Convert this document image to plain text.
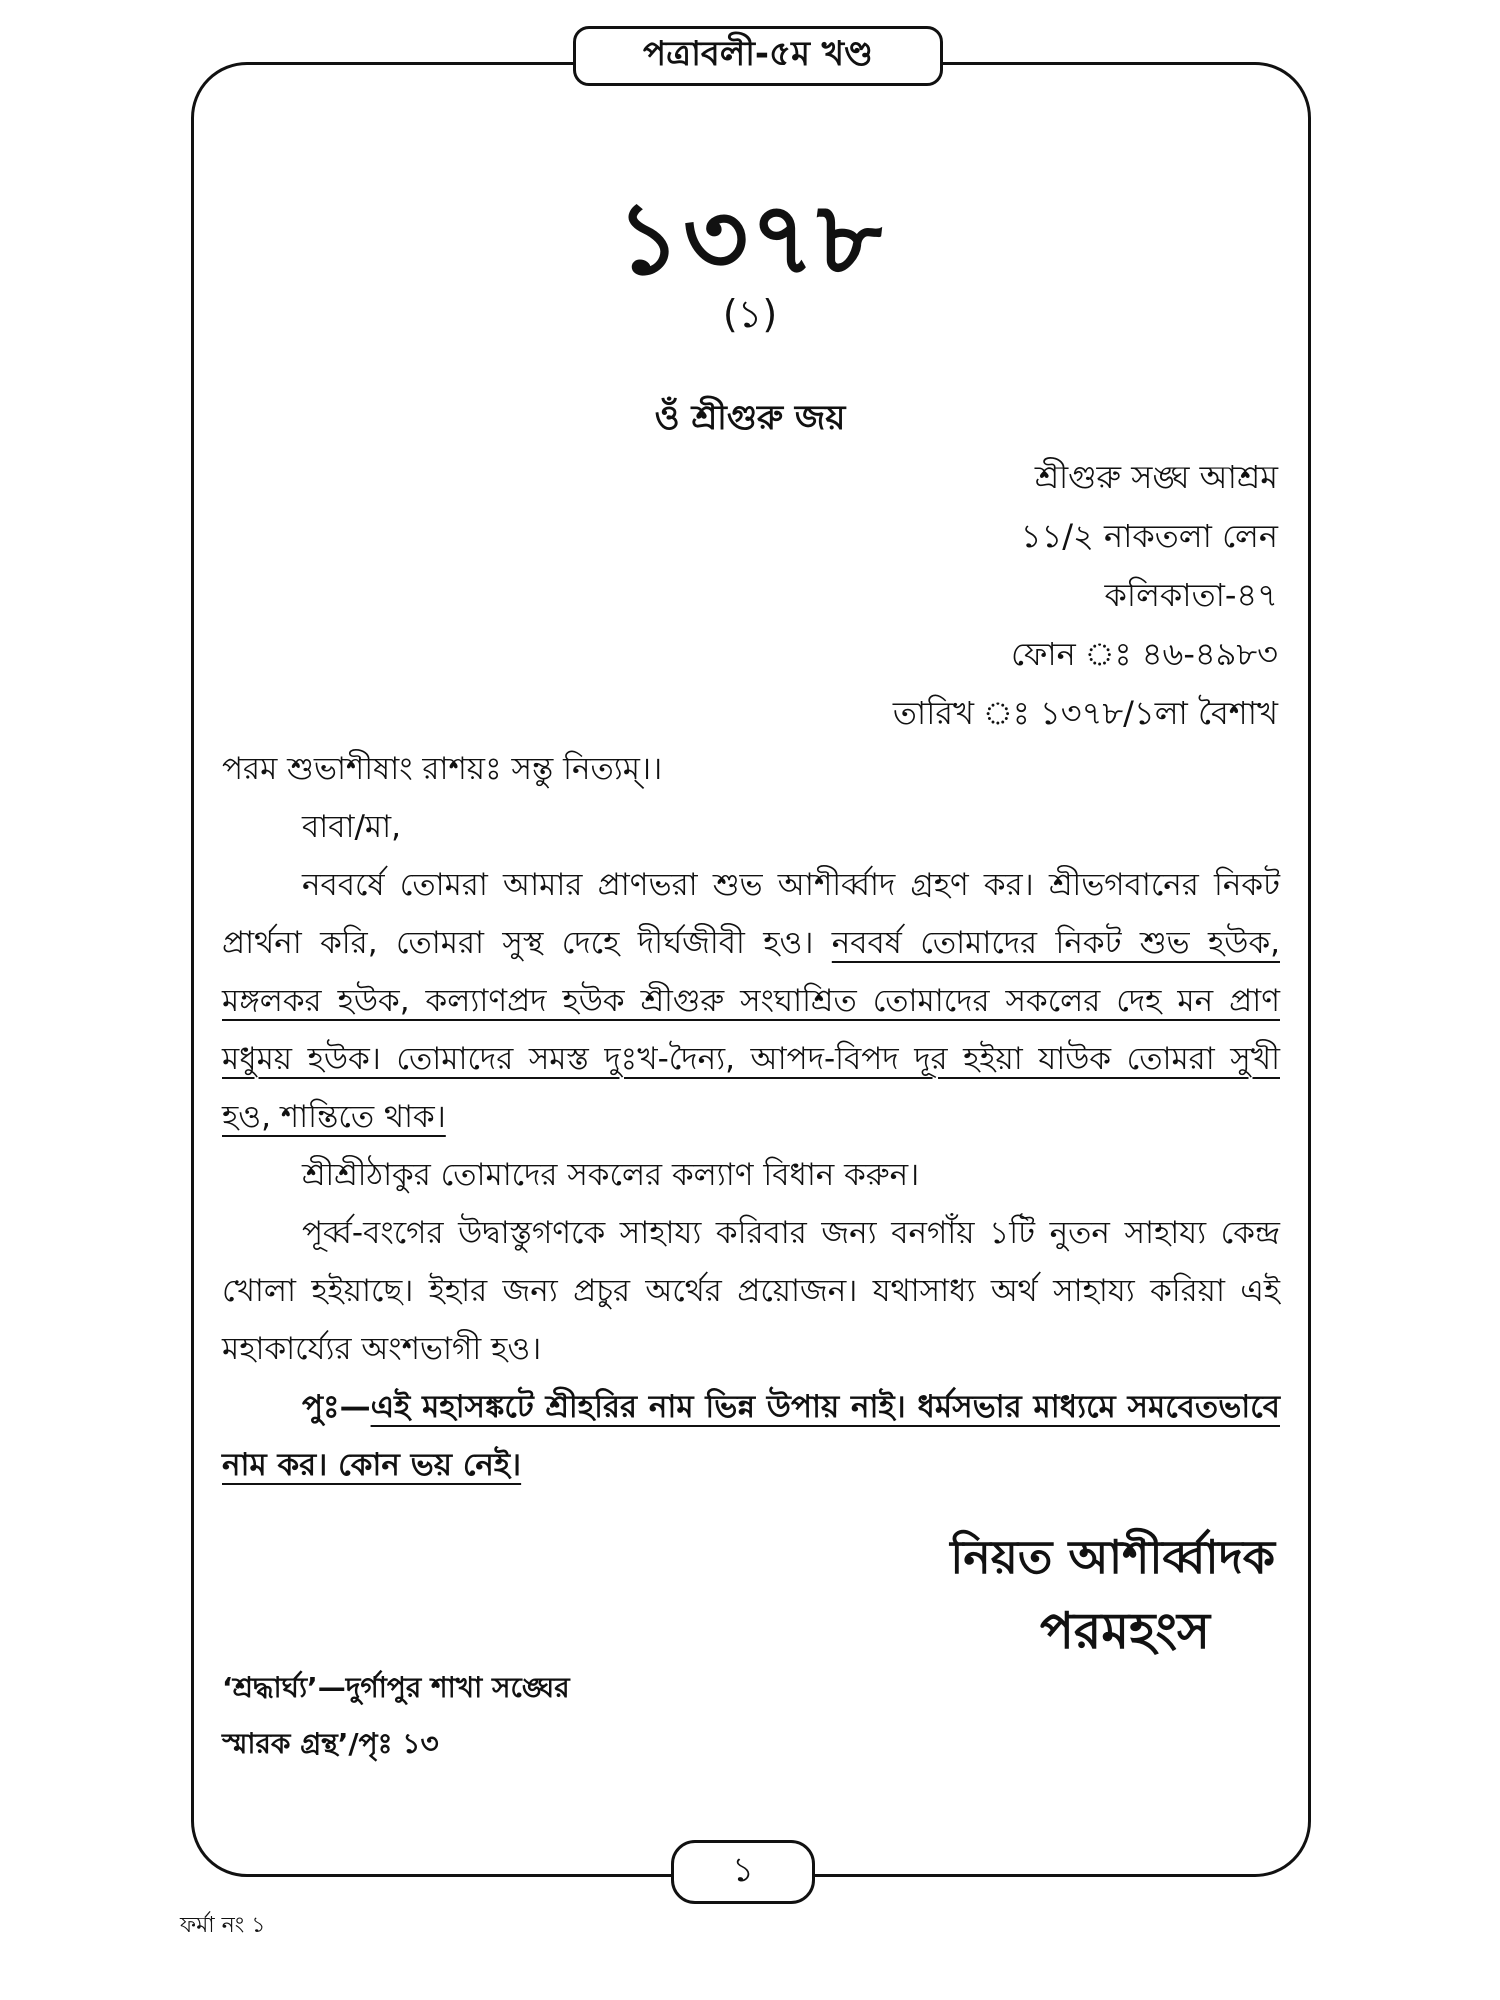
পত্রাবলী-৫ম খণ্ড
১৩৭৮
(১)
ওঁ শ্রীগুরু জয়
শ্রীগুরু সঙ্ঘ আশ্রম
১১/২ নাকতলা লেন
কলিকাতা-৪৭
ফোন ঃ ৪৬-৪৯৮৩
তারিখ ঃ ১৩৭৮/১লা বৈশাখ

পরম শুভাশীষাং রাশয়ঃ সন্তু নিত্যম্।।

বাবা/মা,

নববর্ষে তোমরা আমার প্রাণভরা শুভ আশীর্ব্বাদ গ্রহণ কর। শ্রীভগবানের নিকট প্রার্থনা করি, তোমরা সুস্থ দেহে দীর্ঘজীবী হও। নববর্ষ তোমাদের নিকট শুভ হউক, মঙ্গলকর হউক, কল্যাণপ্রদ হউক শ্রীগুরু সংঘাশ্রিত তোমাদের সকলের দেহ মন প্রাণ মধুময় হউক। তোমাদের সমস্ত দুঃখ-দৈন্য, আপদ-বিপদ দূর হইয়া যাউক তোমরা সুখী হও, শান্তিতে থাক।

শ্রীশ্রীঠাকুর তোমাদের সকলের কল্যাণ বিধান করুন।

পূর্ব্ব-বংগের উদ্বাস্তুগণকে সাহায্য করিবার জন্য বনগাঁয় ১টি নুতন সাহায্য কেন্দ্র খোলা হইয়াছে। ইহার জন্য প্রচুর অর্থের প্রয়োজন। যথাসাধ্য অর্থ সাহায্য করিয়া এই মহাকার্য্যের অংশভাগী হও।

পুঃ—এই মহাসঙ্কটে শ্রীহরির নাম ভিন্ন উপায় নাই। ধর্মসভার মাধ্যমে সমবেতভাবে নাম কর। কোন ভয় নেই।

নিয়ত আশীর্ব্বাদক
পরমহংস
‘শ্রদ্ধার্ঘ্য’—দুর্গাপুর শাখা সঙ্ঘের
স্মারক গ্রন্থ’/পৃঃ ১৩
১
ফর্মা নং ১
